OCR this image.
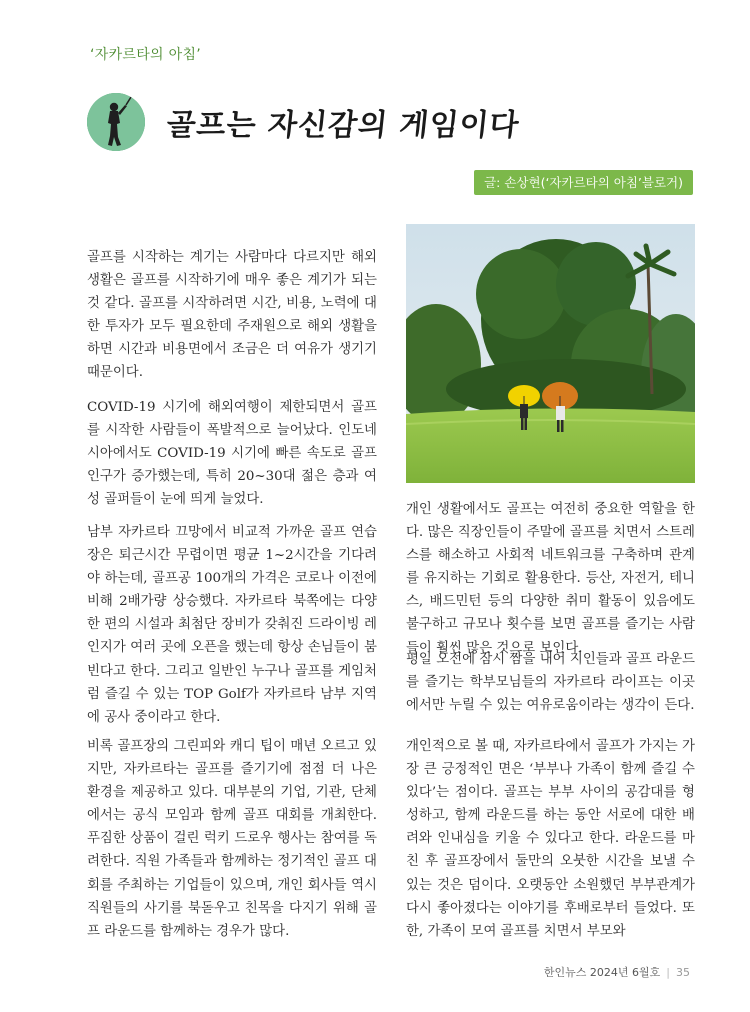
‘자카르타의 아침’
골프는 자신감의 게임이다
글: 손상현(‘자카르타의 아침’블로거)

골프를 시작하는 계기는 사람마다 다르지만 해외 생활은 골프를 시작하기에 매우 좋은 계기가 되는 것 같다. 골프를 시작하려면 시간, 비용, 노력에 대한 투자가 모두 필요한데 주재원으로 해외 생활을 하면 시간과 비용면에서 조금은 더 여유가 생기기 때문이다.

COVID-19 시기에 해외여행이 제한되면서 골프를 시작한 사람들이 폭발적으로 늘어났다. 인도네시아에서도 COVID-19 시기에 빠른 속도로 골프 인구가 증가했는데, 특히 20~30대 젊은 층과 여성 골퍼들이 눈에 띄게 늘었다.

남부 자카르타 끄망에서 비교적 가까운 골프 연습장은 퇴근시간 무렵이면 평균 1~2시간을 기다려야 하는데, 골프공 100개의 가격은 코로나 이전에 비해 2배가량 상승했다. 자카르타 북쪽에는 다양한 편의 시설과 최첨단 장비가 갖춰진 드라이빙 레인지가 여러 곳에 오픈을 했는데 항상 손님들이 붐빈다고 한다. 그리고 일반인 누구나 골프를 게임처럼 즐길 수 있는 TOP Golf가 자카르타 남부 지역에 공사 중이라고 한다.

비록 골프장의 그린피와 캐디 팁이 매년 오르고 있지만, 자카르타는 골프를 즐기기에 점점 더 나은 환경을 제공하고 있다. 대부분의 기업, 기관, 단체에서는 공식 모임과 함께 골프 대회를 개최한다. 푸짐한 상품이 걸린 럭키 드로우 행사는 참여를 독려한다. 직원 가족들과 함께하는 정기적인 골프 대회를 주최하는 기업들이 있으며, 개인 회사들 역시 직원들의 사기를 북돋우고 친목을 다지기 위해 골프 라운드를 함께하는 경우가 많다.

개인 생활에서도 골프는 여전히 중요한 역할을 한다. 많은 직장인들이 주말에 골프를 치면서 스트레스를 해소하고 사회적 네트워크를 구축하며 관계를 유지하는 기회로 활용한다. 등산, 자전거, 테니스, 배드민턴 등의 다양한 취미 활동이 있음에도 불구하고 규모나 횟수를 보면 골프를 즐기는 사람들이 훨씬 많은 것으로 보인다.

평일 오전에 잠시 짬을 내어 지인들과 골프 라운드를 즐기는 학부모님들의 자카르타 라이프는 이곳에서만 누릴 수 있는 여유로움이라는 생각이 든다.

개인적으로 볼 때, 자카르타에서 골프가 가지는 가장 큰 긍정적인 면은 ‘부부나 가족이 함께 즐길 수 있다’는 점이다. 골프는 부부 사이의 공감대를 형성하고, 함께 라운드를 하는 동안 서로에 대한 배려와 인내심을 키울 수 있다고 한다. 라운드를 마친 후 골프장에서 둘만의 오붓한 시간을 보낼 수 있는 것은 덤이다. 오랫동안 소원했던 부부관계가 다시 좋아졌다는 이야기를 후배로부터 들었다. 또한, 가족이 모여 골프를 치면서 부모와

한인뉴스 2024년 6월호 | 35
